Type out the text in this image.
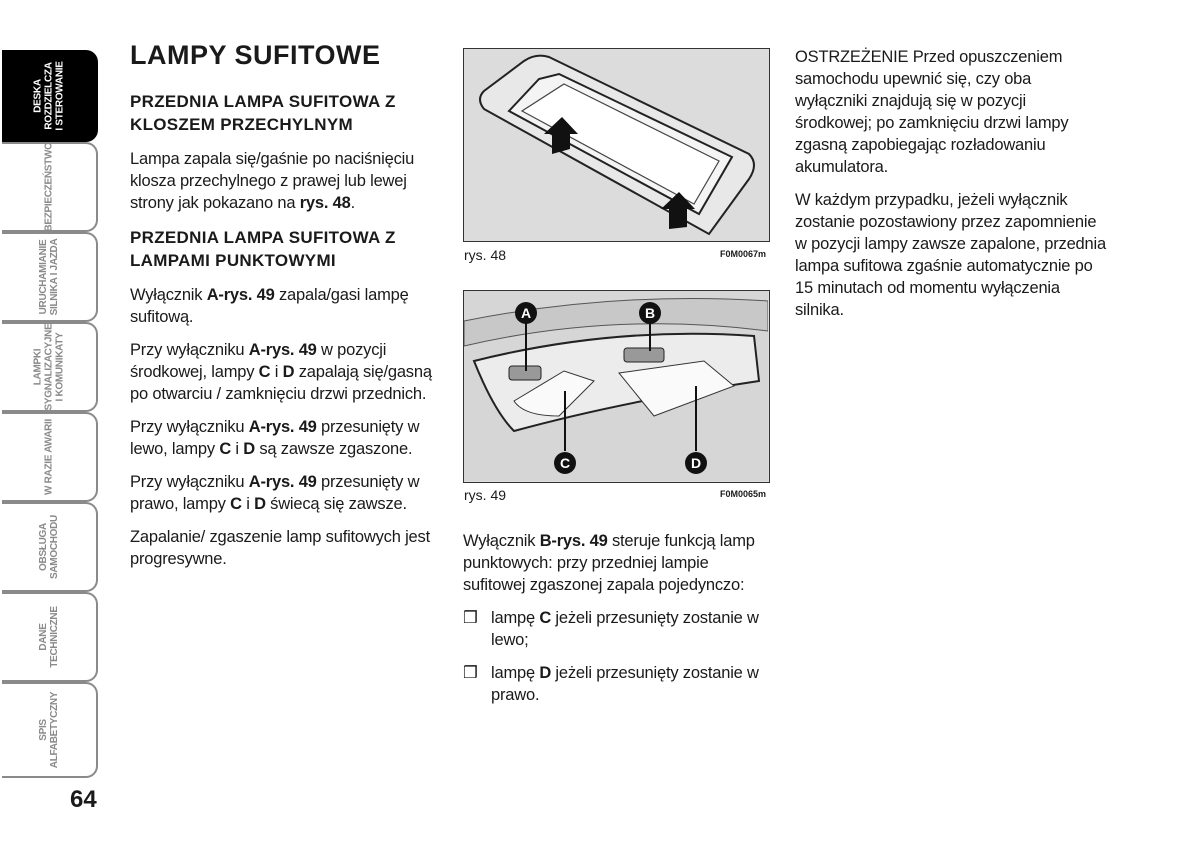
DESKA
ROZDZIELCZA
I STEROWANIE
BEZPIECZEŃSTWO
URUCHAMIANIE
SILNIKA I JAZDA
LAMPKI
SYGNALIZACYJNE
I KOMUNIKATY
W RAZIE AWARII
OBSŁUGA
SAMOCHODU
DANE
TECHNICZNE
SPIS
ALFABETYCZNY
64
LAMPY SUFITOWE
PRZEDNIA LAMPA SUFITOWA Z KLOSZEM PRZECHYLNYM

Lampa zapala się/gaśnie po naciśnięciu klosza przechylnego z prawej lub lewej strony jak pokazano na rys. 48.

PRZEDNIA LAMPA SUFITOWA Z LAMPAMI PUNKTOWYMI

Wyłącznik A-rys. 49 zapala/gasi lampę sufitową.

Przy wyłączniku A-rys. 49 w pozycji środkowej, lampy C i D zapalają się/gasną po otwarciu / zamknięciu drzwi przednich.

Przy wyłączniku A-rys. 49 przesunięty w lewo, lampy C i D są zawsze zgaszone.

Przy wyłączniku A-rys. 49 przesunięty w prawo, lampy C i D świecą się zawsze.

Zapalanie/ zgaszenie lamp sufitowych jest progresywne.

rys. 48	F0M0067m
A	B
C	D
rys. 49	F0M0065m

Wyłącznik B-rys. 49 steruje funkcją lamp punktowych: przy przedniej lampie sufitowej zgaszonej zapala pojedynczo:

❒ lampę C jeżeli przesunięty zostanie w lewo;

❒ lampę D jeżeli przesunięty zostanie w prawo.

OSTRZEŻENIE Przed opuszczeniem samochodu upewnić się, czy oba wyłączniki znajdują się w pozycji środkowej; po zamknięciu drzwi lampy zgasną zapobiegając rozładowaniu akumulatora.

W każdym przypadku, jeżeli wyłącznik zostanie pozostawiony przez zapomnienie w pozycji lampy zawsze zapalone, przednia lampa sufitowa zgaśnie automatycznie po 15 minutach od momentu wyłączenia silnika.
